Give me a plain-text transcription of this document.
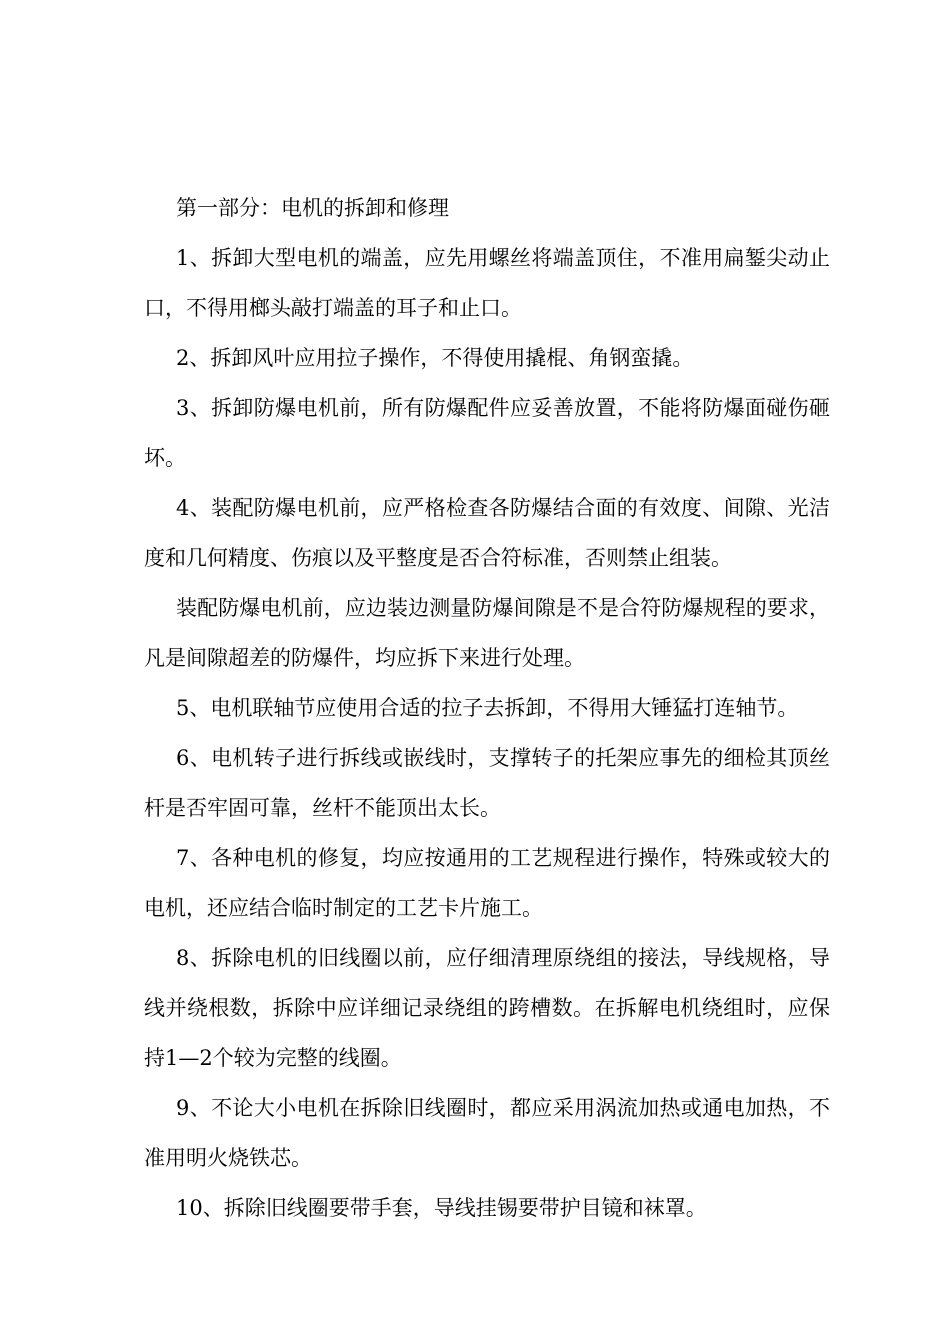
第一部分：电机的拆卸和修理

1、拆卸大型电机的端盖，应先用螺丝将端盖顶住，不准用扁錾尖动止口，不得用榔头敲打端盖的耳子和止口。

2、拆卸风叶应用拉子操作，不得使用撬棍、角钢蛮撬。

3、拆卸防爆电机前，所有防爆配件应妥善放置，不能将防爆面碰伤砸坏。

4、装配防爆电机前，应严格检查各防爆结合面的有效度、间隙、光洁度和几何精度、伤痕以及平整度是否合符标准，否则禁止组装。

装配防爆电机前，应边装边测量防爆间隙是不是合符防爆规程的要求，凡是间隙超差的防爆件，均应拆下来进行处理。

5、电机联轴节应使用合适的拉子去拆卸，不得用大锤猛打连轴节。

6、电机转子进行拆线或嵌线时，支撑转子的托架应事先的细检其顶丝杆是否牢固可靠，丝杆不能顶出太长。

7、各种电机的修复，均应按通用的工艺规程进行操作，特殊或较大的电机，还应结合临时制定的工艺卡片施工。

8、拆除电机的旧线圈以前，应仔细清理原绕组的接法，导线规格，导线并绕根数，拆除中应详细记录绕组的跨槽数。在拆解电机绕组时，应保持1—2个较为完整的线圈。

9、不论大小电机在拆除旧线圈时，都应采用涡流加热或通电加热，不准用明火烧铁芯。

10、拆除旧线圈要带手套，导线挂锡要带护目镜和袜罩。
